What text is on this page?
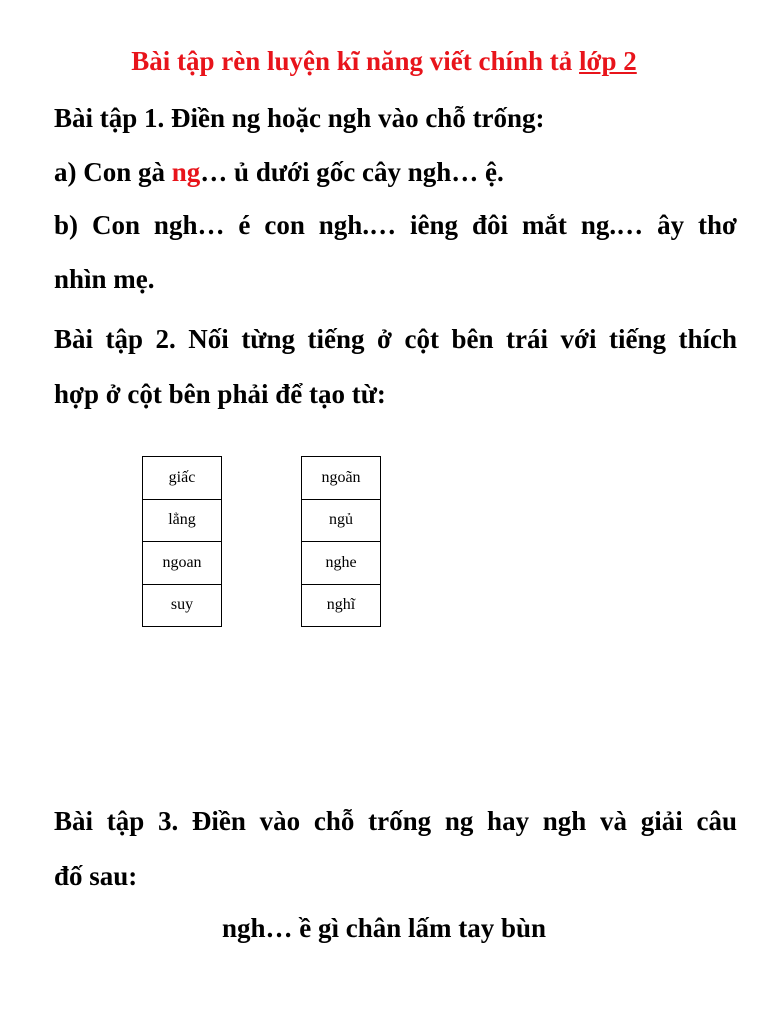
Bài tập rèn luyện kĩ năng viết chính tả lớp 2
Bài tập 1. Điền ng hoặc ngh vào chỗ trống:
a) Con gà ng… ủ dưới gốc cây ngh… ệ.
b) Con ngh… é con ngh.… iêng đôi mắt ng.… ây thơ
nhìn mẹ.
Bài tập 2. Nối từng tiếng ở cột bên trái với tiếng thích
hợp ở cột bên phải để tạo từ:
giấc
lẳng
ngoan
suy
ngoãn
ngủ
nghe
nghĩ
Bài tập 3. Điền vào chỗ trống ng hay ngh và giải câu
đố sau:
ngh… ề gì chân lấm tay bùn
